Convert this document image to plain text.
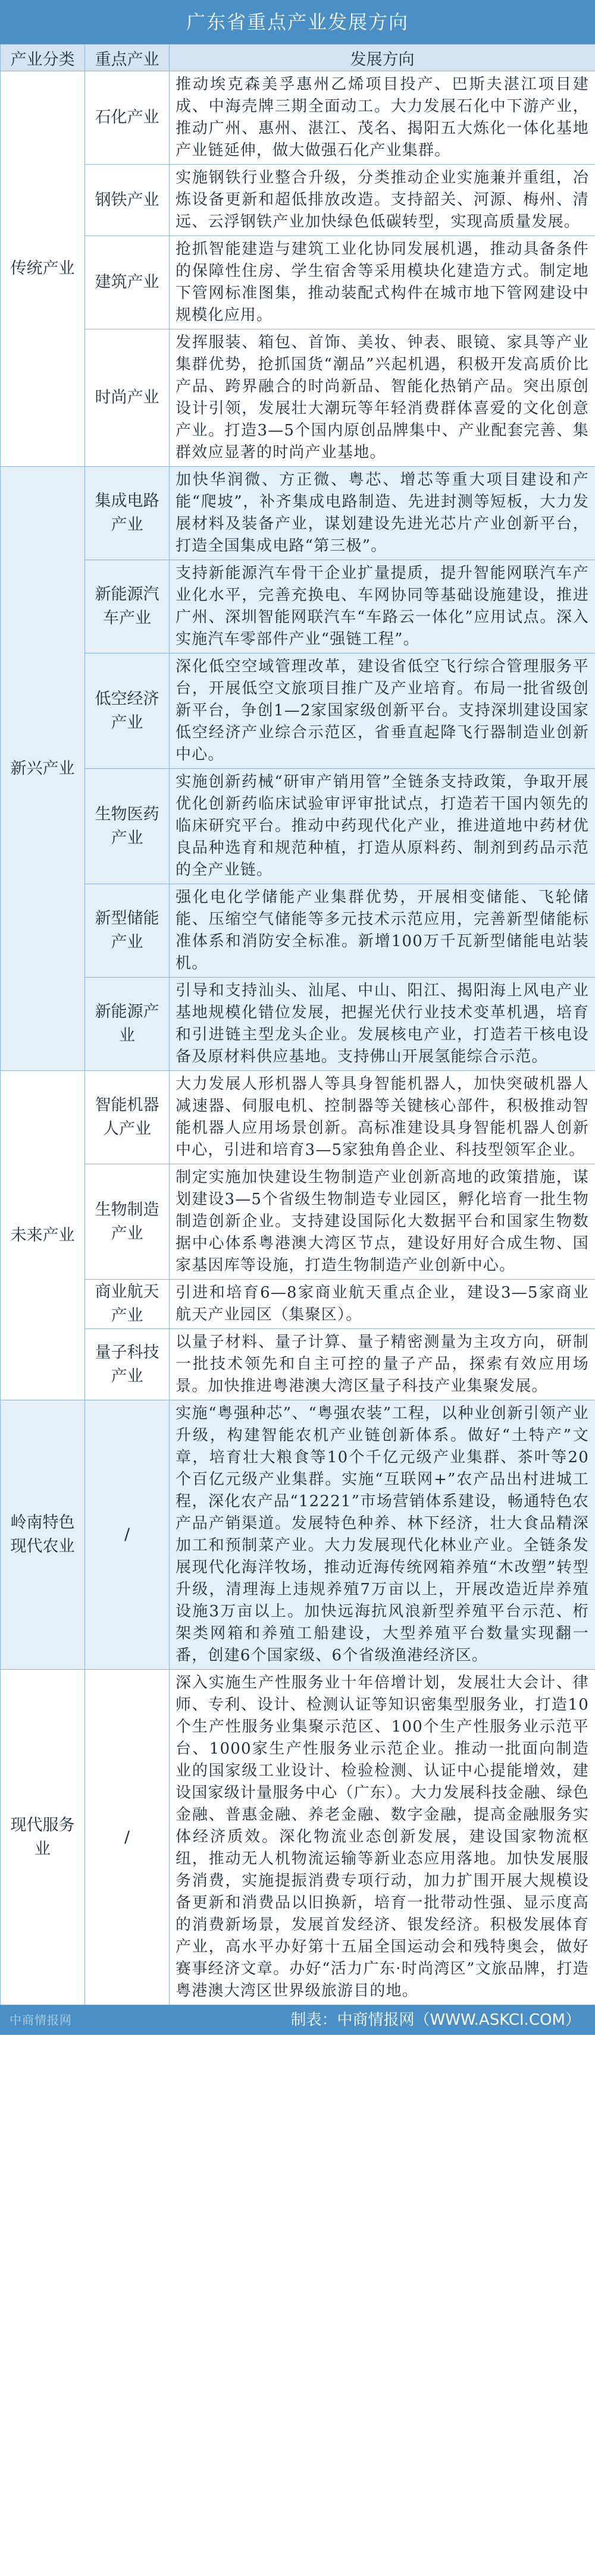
广东省重点产业发展方向
产业分类	重点产业	发展方向
传统产业	石化产业	推动埃克森美孚惠州乙烯项目投产、巴斯夫湛江项目建成、中海壳牌三期全面动工。大力发展石化中下游产业，推动广州、惠州、湛江、茂名、揭阳五大炼化一体化基地产业链延伸，做大做强石化产业集群。
	钢铁产业	实施钢铁行业整合升级，分类推动企业实施兼并重组，冶炼设备更新和超低排放改造。支持韶关、河源、梅州、清远、云浮钢铁产业加快绿色低碳转型，实现高质量发展。
	建筑产业	抢抓智能建造与建筑工业化协同发展机遇，推动具备条件的保障性住房、学生宿舍等采用模块化建造方式。制定地下管网标准图集，推动装配式构件在城市地下管网建设中规模化应用。
	时尚产业	发挥服装、箱包、首饰、美妆、钟表、眼镜、家具等产业集群优势，抢抓国货“潮品”兴起机遇，积极开发高质价比产品、跨界融合的时尚新品、智能化热销产品。突出原创设计引领，发展壮大潮玩等年轻消费群体喜爱的文化创意产业。打造3—5个国内原创品牌集中、产业配套完善、集群效应显著的时尚产业基地。
新兴产业	集成电路产业	加快华润微、方正微、粤芯、增芯等重大项目建设和产能“爬坡”，补齐集成电路制造、先进封测等短板，大力发展材料及装备产业，谋划建设先进光芯片产业创新平台，打造全国集成电路“第三极”。
	新能源汽车产业	支持新能源汽车骨干企业扩量提质，提升智能网联汽车产业化水平，完善充换电、车网协同等基础设施建设，推进广州、深圳智能网联汽车“车路云一体化”应用试点。深入实施汽车零部件产业“强链工程”。
	低空经济产业	深化低空空域管理改革，建设省低空飞行综合管理服务平台，开展低空文旅项目推广及产业培育。布局一批省级创新平台，争创1—2家国家级创新平台。支持深圳建设国家低空经济产业综合示范区，省垂直起降飞行器制造业创新中心。
	生物医药产业	实施创新药械“研审产销用管”全链条支持政策，争取开展优化创新药临床试验审评审批试点，打造若干国内领先的临床研究平台。推动中药现代化产业，推进道地中药材优良品种选育和规范种植，打造从原料药、制剂到药品示范的全产业链。
	新型储能产业	强化电化学储能产业集群优势，开展相变储能、飞轮储能、压缩空气储能等多元技术示范应用，完善新型储能标准体系和消防安全标准。新增100万千瓦新型储能电站装机。
	新能源产业	引导和支持汕头、汕尾、中山、阳江、揭阳海上风电产业基地规模化错位发展，把握光伏行业技术变革机遇，培育和引进链主型龙头企业。发展核电产业，打造若干核电设备及原材料供应基地。支持佛山开展氢能综合示范。
未来产业	智能机器人产业	大力发展人形机器人等具身智能机器人，加快突破机器人减速器、伺服电机、控制器等关键核心部件，积极推动智能机器人应用场景创新。高标准建设具身智能机器人创新中心，引进和培育3—5家独角兽企业、科技型领军企业。
	生物制造产业	制定实施加快建设生物制造产业创新高地的政策措施，谋划建设3—5个省级生物制造专业园区，孵化培育一批生物制造创新企业。支持建设国际化大数据平台和国家生物数据中心体系粤港澳大湾区节点，建设好用好合成生物、国家基因库等设施，打造生物制造产业创新中心。
	商业航天产业	引进和培育6—8家商业航天重点企业，建设3—5家商业航天产业园区（集聚区）。
	量子科技产业	以量子材料、量子计算、量子精密测量为主攻方向，研制一批技术领先和自主可控的量子产品，探索有效应用场景。加快推进粤港澳大湾区量子科技产业集聚发展。
岭南特色现代农业	/	实施“粤强种芯”、“粤强农装”工程，以种业创新引领产业升级，构建智能农机产业链创新体系。做好“土特产”文章，培育壮大粮食等10个千亿元级产业集群、茶叶等20个百亿元级产业集群。实施“互联网+”农产品出村进城工程，深化农产品“12221”市场营销体系建设，畅通特色农产品产销渠道。发展特色种养、林下经济，壮大食品精深加工和预制菜产业。大力发展现代化林业产业。全链条发展现代化海洋牧场，推动近海传统网箱养殖“木改塑”转型升级，清理海上违规养殖7万亩以上，开展改造近岸养殖设施3万亩以上。加快远海抗风浪新型养殖平台示范、桁架类网箱和养殖工船建设，大型养殖平台数量实现翻一番，创建6个国家级、6个省级渔港经济区。
现代服务业	/	深入实施生产性服务业十年倍增计划，发展壮大会计、律师、专利、设计、检测认证等知识密集型服务业，打造10个生产性服务业集聚示范区、100个生产性服务业示范平台、1000家生产性服务业示范企业。推动一批面向制造业的国家级工业设计、检验检测、认证中心提能增效，建设国家级计量服务中心（广东）。大力发展科技金融、绿色金融、普惠金融、养老金融、数字金融，提高金融服务实体经济质效。深化物流业态创新发展，建设国家物流枢纽，推动无人机物流运输等新业态应用落地。加快发展服务消费，实施提振消费专项行动，加力扩围开展大规模设备更新和消费品以旧换新，培育一批带动性强、显示度高的消费新场景，发展首发经济、银发经济。积极发展体育产业，高水平办好第十五届全国运动会和残特奥会，做好赛事经济文章。办好“活力广东·时尚湾区”文旅品牌，打造粤港澳大湾区世界级旅游目的地。
中商情报网	制表：中商情报网（WWW.ASKCI.COM）
